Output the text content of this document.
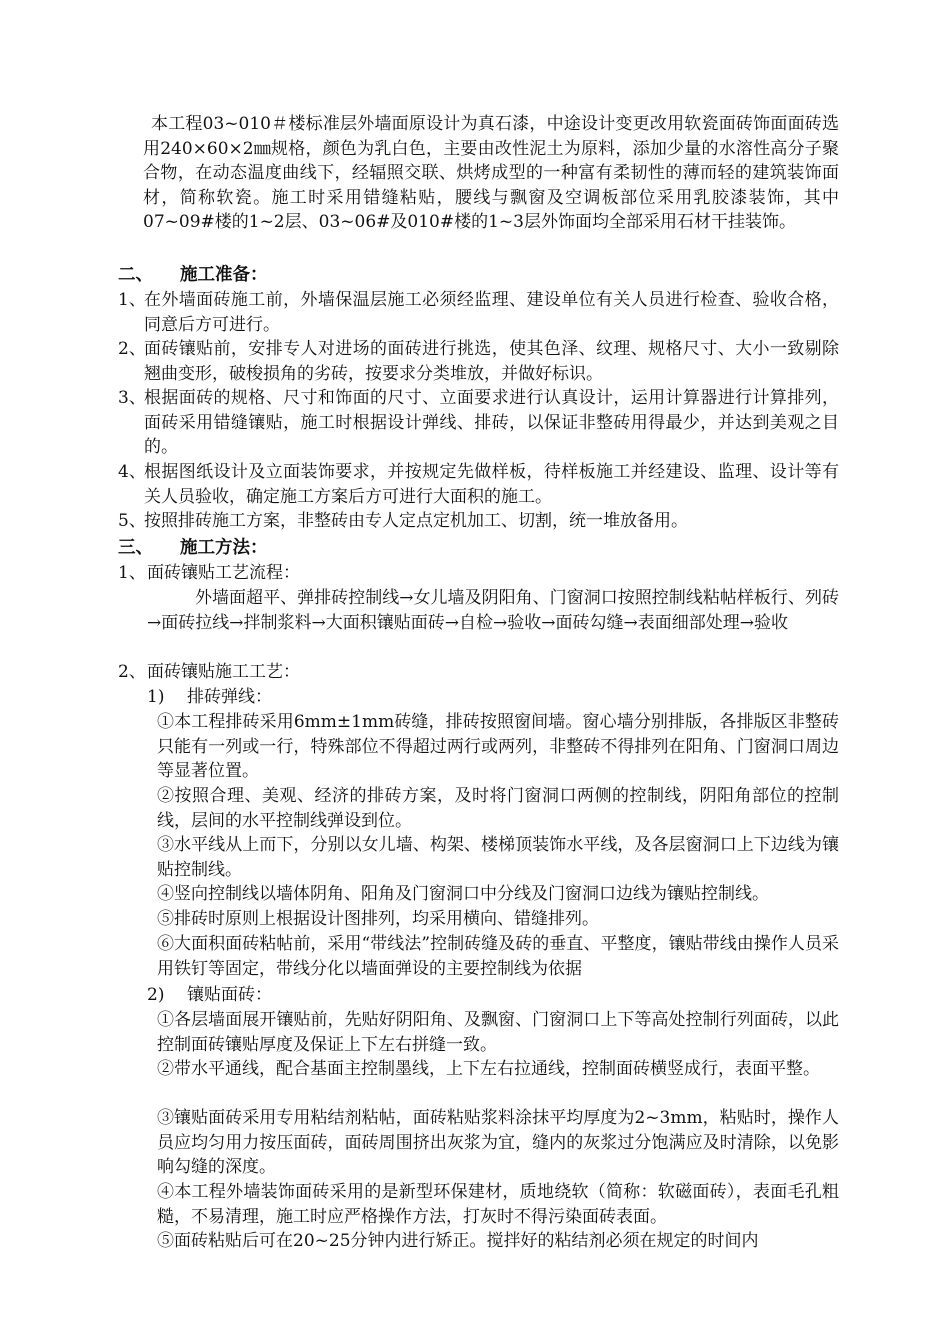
本工程03~010＃楼标准层外墙面原设计为真石漆，中途设计变更改用软瓷面砖饰面面砖选用240×60×2㎜规格，颜色为乳白色，主要由改性泥土为原料，添加少量的水溶性高分子聚合物，在动态温度曲线下，经辐照交联、烘烤成型的一种富有柔韧性的薄而轻的建筑装饰面材，简称软瓷。施工时采用错缝粘贴，腰线与飘窗及空调板部位采用乳胶漆装饰，其中07~09#楼的1~2层、03~06#及010#楼的1~3层外饰面均全部采用石材干挂装饰。
二、 施工准备：
1、
在外墙面砖施工前，外墙保温层施工必须经监理、建设单位有关人员进行检查、验收合格，同意后方可进行。
2、
面砖镶贴前，安排专人对进场的面砖进行挑选，使其色泽、纹理、规格尺寸、大小一致剔除翘曲变形，破梭损角的劣砖，按要求分类堆放，并做好标识。
3、
根据面砖的规格、尺寸和饰面的尺寸、立面要求进行认真设计，运用计算器进行计算排列，面砖采用错缝镶贴，施工时根据设计弹线、排砖，以保证非整砖用得最少，并达到美观之目的。
4、
根据图纸设计及立面装饰要求，并按规定先做样板，待样板施工并经建设、监理、设计等有关人员验收，确定施工方案后方可进行大面积的施工。
5、
按照排砖施工方案，非整砖由专人定点定机加工、切割，统一堆放备用。
三、 施工方法：
1、 面砖镶贴工艺流程：
外墙面超平、弹排砖控制线→女儿墙及阴阳角、门窗洞口按照控制线粘帖样板行、列砖→面砖拉线→拌制浆料→大面积镶贴面砖→自检→验收→面砖勾缝→表面细部处理→验收
2、 面砖镶贴施工工艺：
1) 排砖弹线：
①本工程排砖采用6mm±1mm砖缝，排砖按照窗间墙。窗心墙分别排版，各排版区非整砖只能有一列或一行，特殊部位不得超过两行或两列，非整砖不得排列在阳角、门窗洞口周边等显著位置。
②按照合理、美观、经济的排砖方案，及时将门窗洞口两侧的控制线，阴阳角部位的控制线，层间的水平控制线弹设到位。
③水平线从上而下，分别以女儿墙、构架、楼梯顶装饰水平线，及各层窗洞口上下边线为镶贴控制线。
④竖向控制线以墙体阴角、阳角及门窗洞口中分线及门窗洞口边线为镶贴控制线。
⑤排砖时原则上根据设计图排列，均采用横向、错缝排列。
⑥大面积面砖粘帖前，采用“带线法”控制砖缝及砖的垂直、平整度，镶贴带线由操作人员采用铁钉等固定，带线分化以墙面弹设的主要控制线为依据
2) 镶贴面砖：
①各层墙面展开镶贴前，先贴好阴阳角、及飘窗、门窗洞口上下等高处控制行列面砖，以此控制面砖镶贴厚度及保证上下左右拼缝一致。
②带水平通线，配合基面主控制墨线，上下左右拉通线，控制面砖横竖成行，表面平整。
③镶贴面砖采用专用粘结剂粘帖，面砖粘贴浆料涂抹平均厚度为2~3mm，粘贴时，操作人员应均匀用力按压面砖，面砖周围挤出灰浆为宜，缝内的灰浆过分饱满应及时清除，以免影响勾缝的深度。
④本工程外墙装饰面砖采用的是新型环保建材，质地绕软（简称：软磁面砖），表面毛孔粗糙，不易清理，施工时应严格操作方法，打灰时不得污染面砖表面。
⑤面砖粘贴后可在20~25分钟内进行矫正。搅拌好的粘结剂必须在规定的时间内
